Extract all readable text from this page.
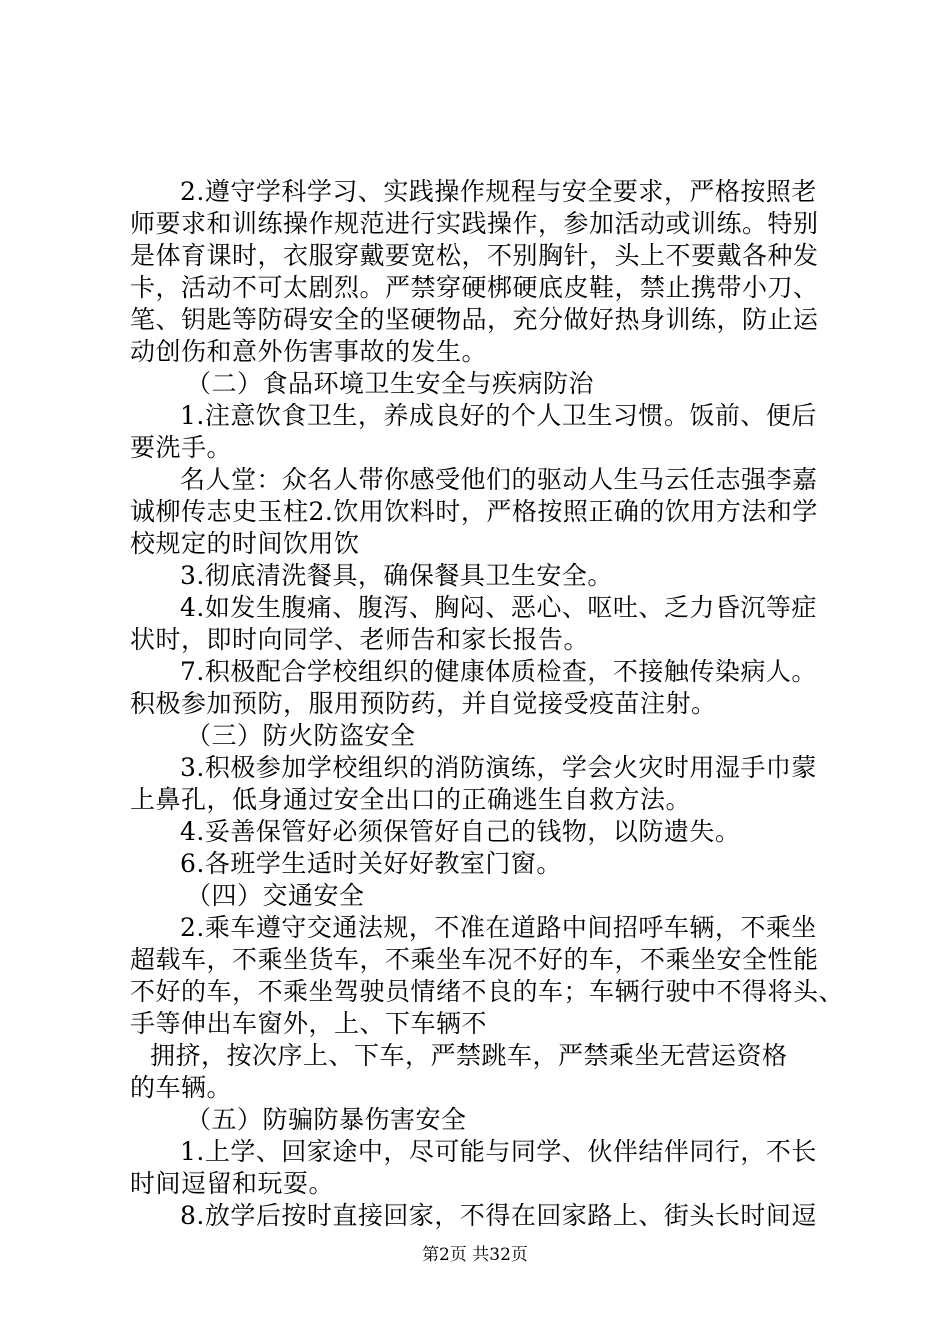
2.遵守学科学习、实践操作规程与安全要求，严格按照老
师要求和训练操作规范进行实践操作，参加活动或训练。特别
是体育课时，衣服穿戴要宽松，不别胸针，头上不要戴各种发
卡，活动不可太剧烈。严禁穿硬梆硬底皮鞋，禁止携带小刀、
笔、钥匙等防碍安全的坚硬物品，充分做好热身训练，防止运
动创伤和意外伤害事故的发生。
（二）食品环境卫生安全与疾病防治
1.注意饮食卫生，养成良好的个人卫生习惯。饭前、便后
要洗手。
名人堂：众名人带你感受他们的驱动人生马云任志强李嘉
诚柳传志史玉柱2.饮用饮料时，严格按照正确的饮用方法和学
校规定的时间饮用饮
3.彻底清洗餐具，确保餐具卫生安全。
4.如发生腹痛、腹泻、胸闷、恶心、呕吐、乏力昏沉等症
状时，即时向同学、老师告和家长报告。
7.积极配合学校组织的健康体质检查，不接触传染病人。
积极参加预防，服用预防药，并自觉接受疫苗注射。
（三）防火防盗安全
3.积极参加学校组织的消防演练，学会火灾时用湿手巾蒙
上鼻孔，低身通过安全出口的正确逃生自救方法。
4.妥善保管好必须保管好自己的钱物，以防遗失。
6.各班学生适时关好好教室门窗。
（四）交通安全
2.乘车遵守交通法规，不准在道路中间招呼车辆，不乘坐
超载车，不乘坐货车，不乘坐车况不好的车，不乘坐安全性能
不好的车，不乘坐驾驶员情绪不良的车；车辆行驶中不得将头、
手等伸出车窗外，上、下车辆不
拥挤，按次序上、下车，严禁跳车，严禁乘坐无营运资格
的车辆。
（五）防骗防暴伤害安全
1.上学、回家途中，尽可能与同学、伙伴结伴同行，不长
时间逗留和玩耍。
8.放学后按时直接回家，不得在回家路上、街头长时间逗
第2页 共32页
